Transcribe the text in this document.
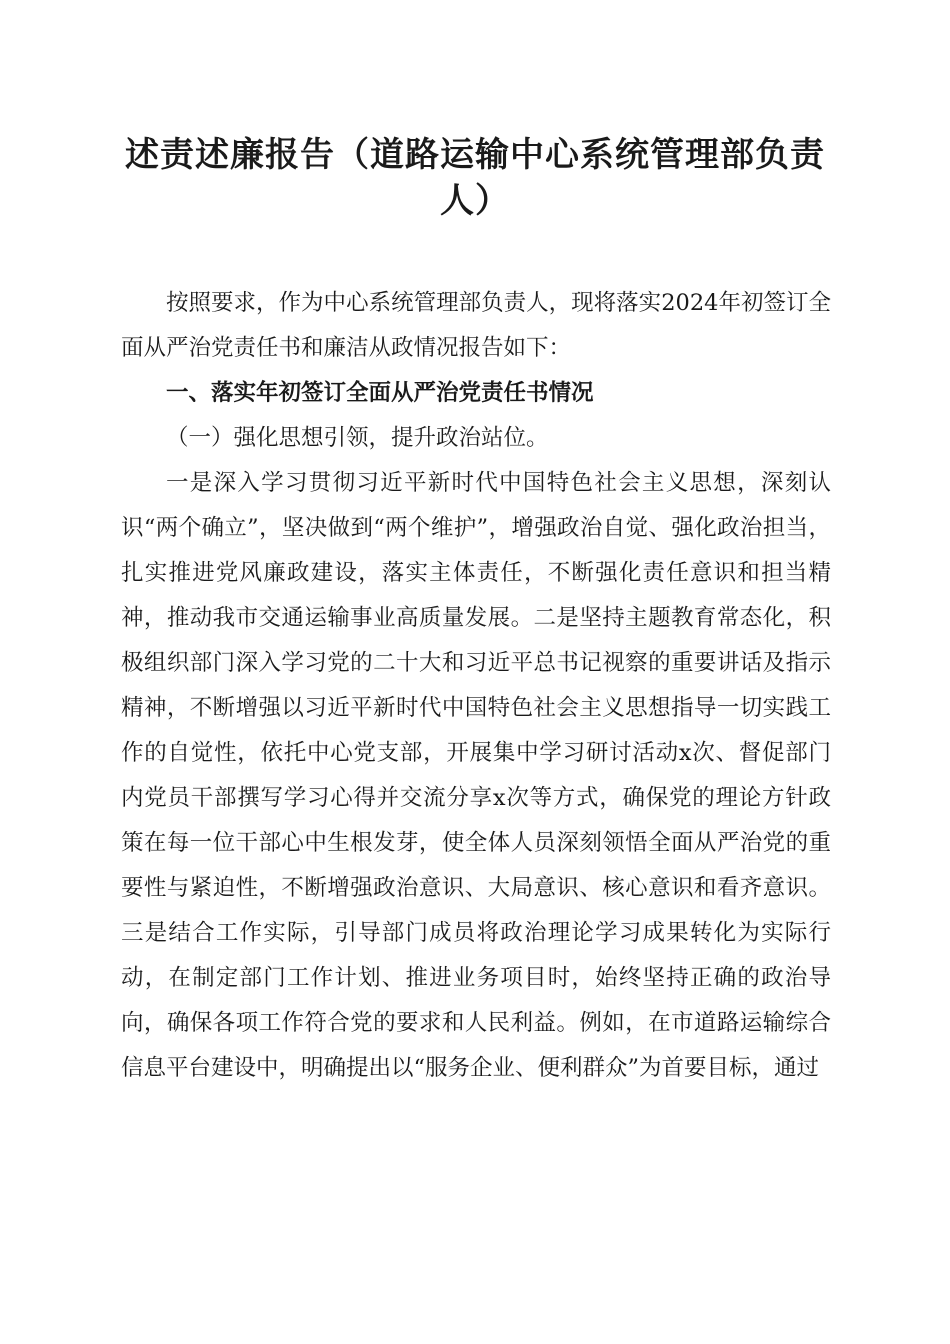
述责述廉报告（道路运输中心系统管理部负责人）

按照要求，作为中心系统管理部负责人，现将落实2024年初签订全面从严治党责任书和廉洁从政情况报告如下：

一、落实年初签订全面从严治党责任书情况

（一）强化思想引领，提升政治站位。

一是深入学习贯彻习近平新时代中国特色社会主义思想，深刻认识“两个确立”，坚决做到“两个维护”，增强政治自觉、强化政治担当，扎实推进党风廉政建设，落实主体责任，不断强化责任意识和担当精神，推动我市交通运输事业高质量发展。二是坚持主题教育常态化，积极组织部门深入学习党的二十大和习近平总书记视察的重要讲话及指示精神，不断增强以习近平新时代中国特色社会主义思想指导一切实践工作的自觉性，依托中心党支部，开展集中学习研讨活动x次、督促部门内党员干部撰写学习心得并交流分享x次等方式，确保党的理论方针政策在每一位干部心中生根发芽，使全体人员深刻领悟全面从严治党的重要性与紧迫性，不断增强政治意识、大局意识、核心意识和看齐意识。三是结合工作实际，引导部门成员将政治理论学习成果转化为实际行动，在制定部门工作计划、推进业务项目时，始终坚持正确的政治导向，确保各项工作符合党的要求和人民利益。例如，在市道路运输综合信息平台建设中，明确提出以“服务企业、便利群众”为首要目标，通过
